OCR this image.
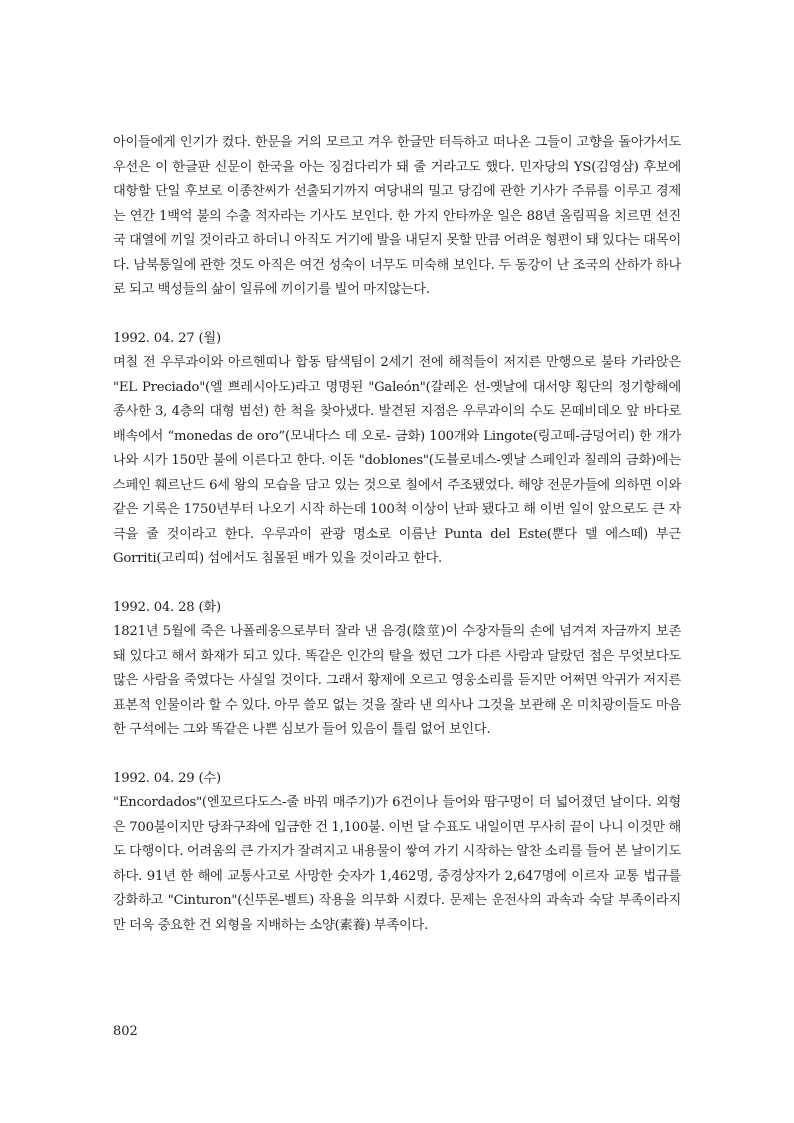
아이들에게 인기가 컸다. 한문을 거의 모르고 겨우 한글만 터득하고 떠나온 그들이 고향을 돌아가서도 우선은 이 한글판 신문이 한국을 아는 징검다리가 돼 줄 거라고도 했다. 민자당의 YS(김영삼) 후보에 대항할 단일 후보로 이종찬씨가 선출되기까지 여당내의 밀고 당김에 관한 기사가 주류를 이루고 경제는 연간 1백억 불의 수출 적자라는 기사도 보인다. 한 가지 안타까운 일은 88년 올림픽을 치르면 선진국 대열에 끼일 것이라고 하더니 아직도 거기에 발을 내딛지 못할 만큼 어려운 형편이 돼 있다는 대목이다. 남북통일에 관한 것도 아직은 여건 성숙이 너무도 미숙해 보인다. 두 동강이 난 조국의 산하가 하나로 되고 백성들의 삶이 일류에 끼이기를 빌어 마지않는다.

1992. 04. 27 (월)

며칠 전 우루과이와 아르헨띠나 합동 탐색팀이 2세기 전에 해적들이 저지른 만행으로 불타 가라앉은 "EL Preciado"(엘 쁘레시아도)라고 명명된 "Galeón"(갈레온 선-옛날에 대서양 횡단의 정기항해에 종사한 3, 4층의 대형 범선) 한 척을 찾아냈다. 발견된 지점은 우루과이의 수도 몬떼비데오 앞 바다로 배속에서 “monedas de oro”(모내다스 데 오로- 금화) 100개와 Lingote(링고떼-금덩어리) 한 개가 나와 시가 150만 불에 이른다고 한다. 이돈 "doblones"(도블로네스-옛날 스페인과 칠레의 금화)에는 스페인 훼르난드 6세 왕의 모습을 담고 있는 것으로 칠에서 주조됐었다. 해양 전문가들에 의하면 이와 같은 기록은 1750년부터 나오기 시작 하는데 100척 이상이 난파 됐다고 해 이번 일이 앞으로도 큰 자극을 줄 것이라고 한다. 우루과이 관광 명소로 이름난 Punta del Este(뿐다 델 에스떼) 부근 Gorriti(고리띠) 섬에서도 침몰된 배가 있을 것이라고 한다.

1992. 04. 28 (화)

1821년 5월에 죽은 나폴레옹으로부터 잘라 낸 음경(陰莖)이 수장자들의 손에 넘겨져 자금까지 보존 돼 있다고 해서 화재가 되고 있다. 똑같은 인간의 탈을 썼던 그가 다른 사람과 달랐던 점은 무엇보다도 많은 사람을 죽였다는 사실일 것이다. 그래서 황제에 오르고 영웅소리를 듣지만 어쩌면 악귀가 저지른 표본적 인물이라 할 수 있다. 아무 쓸모 없는 것을 잘라 낸 의사나 그것을 보관해 온 미치광이들도 마음 한 구석에는 그와 똑같은 나쁜 심보가 들어 있음이 틀림 없어 보인다.

1992. 04. 29 (수)

"Encordados"(엔꼬르다도스-줄 바꿔 매주기)가 6건이나 들어와 땀구멍이 더 넓어졌던 날이다. 외형은 700불이지만 당좌구좌에 입금한 건 1,100불. 이번 달 수표도 내일이면 무사히 끝이 나니 이것만 해도 다행이다. 어려움의 큰 가지가 잘려지고 내용물이 쌓여 가기 시작하는 알찬 소리를 들어 본 날이기도 하다. 91년 한 해에 교통사고로 사망한 숫자가 1,462명, 중경상자가 2,647명에 이르자 교통 법규를 강화하고 "Cinturon"(신뚜론-벨트) 작용을 의무화 시켰다. 문제는 운전사의 과속과 숙달 부족이라지만 더욱 중요한 건 외형을 지배하는 소양(素養) 부족이다.

802
